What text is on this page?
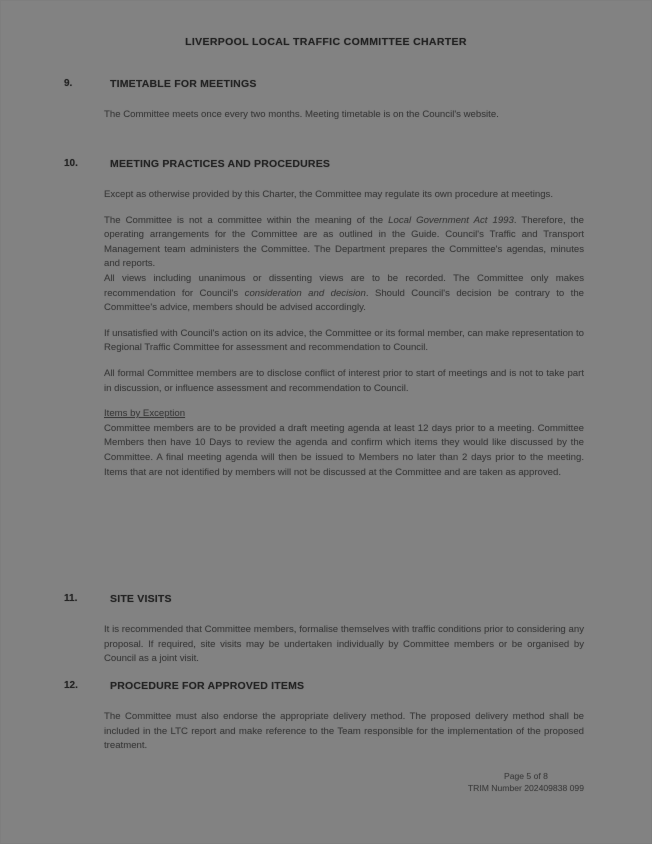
LIVERPOOL LOCAL TRAFFIC COMMITTEE CHARTER
9.	TIMETABLE FOR MEETINGS

The Committee meets once every two months. Meeting timetable is on the Council's website.

10.	MEETING PRACTICES AND PROCEDURES

Except as otherwise provided by this Charter, the Committee may regulate its own procedure at meetings.

The Committee is not a committee within the meaning of the Local Government Act 1993. Therefore, the operating arrangements for the Committee are as outlined in the Guide. Council's Traffic and Transport Management team administers the Committee. The Department prepares the Committee's agendas, minutes and reports.

All views including unanimous or dissenting views are to be recorded. The Committee only makes recommendation for Council's consideration and decision. Should Council's decision be contrary to the Committee's advice, members should be advised accordingly.

If unsatisfied with Council's action on its advice, the Committee or its formal member, can make representation to Regional Traffic Committee for assessment and recommendation to Council.

All formal Committee members are to disclose conflict of interest prior to start of meetings and is not to take part in discussion, or influence assessment and recommendation to Council.

Items by Exception

Committee members are to be provided a draft meeting agenda at least 12 days prior to a meeting. Committee Members then have 10 Days to review the agenda and confirm which items they would like discussed by the Committee. A final meeting agenda will then be issued to Members no later than 2 days prior to the meeting. Items that are not identified by members will not be discussed at the Committee and are taken as approved.

11.	SITE VISITS

It is recommended that Committee members, formalise themselves with traffic conditions prior to considering any proposal. If required, site visits may be undertaken individually by Committee members or be organised by Council as a joint visit.

12.	PROCEDURE FOR APPROVED ITEMS

The Committee must also endorse the appropriate delivery method. The proposed delivery method shall be included in the LTC report and make reference to the Team responsible for the implementation of the proposed treatment.

Page 5 of 8
TRIM Number 202409838 099
